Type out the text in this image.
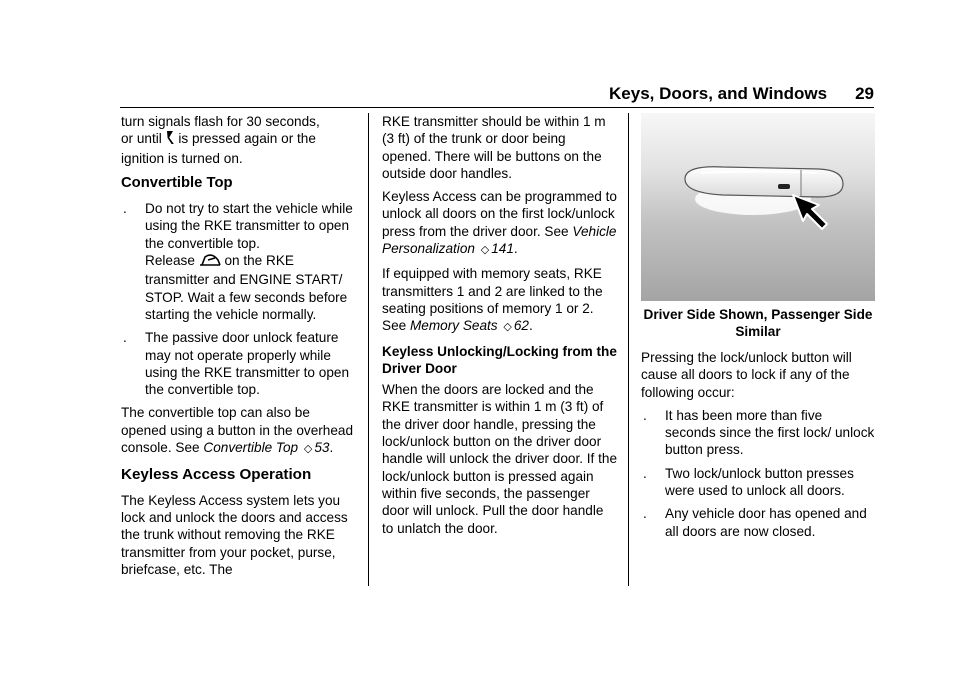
Keys, Doors, and Windows 29

turn signals flash for 30 seconds,
or until is pressed again or the ignition is turned on.

Convertible Top
.	Do not try to start the vehicle while using the RKE transmitter to open the convertible top.

Release on the RKE transmitter and ENGINE START/ STOP. Wait a few seconds before starting the vehicle normally.

.	The passive door unlock feature may not operate properly while using the RKE transmitter to open the convertible top.

The convertible top can also be opened using a button in the overhead console. See Convertible Top ◇ 53.

Keyless Access Operation

The Keyless Access system lets you lock and unlock the doors and access the trunk without removing the RKE transmitter from your pocket, purse, briefcase, etc. The

RKE transmitter should be within 1 m (3 ft) of the trunk or door being opened. There will be buttons on the outside door handles.

Keyless Access can be programmed to unlock all doors on the first lock/unlock press from the driver door. See Vehicle Personalization ◇ 141.

If equipped with memory seats, RKE transmitters 1 and 2 are linked to the seating positions of memory 1 or 2. See Memory Seats ◇ 62.

Keyless Unlocking/Locking from the Driver Door

When the doors are locked and the RKE transmitter is within 1 m (3 ft) of the driver door handle, pressing the lock/unlock button on the driver door handle will unlock the driver door. If the lock/unlock button is pressed again within five seconds, the passenger door will unlock. Pull the door handle to unlatch the door.

Driver Side Shown, Passenger Side Similar

Pressing the lock/unlock button will cause all doors to lock if any of the following occur:

.	It has been more than five seconds since the first lock/ unlock button press.

.	Two lock/unlock button presses were used to unlock all doors.

.	Any vehicle door has opened and all doors are now closed.
